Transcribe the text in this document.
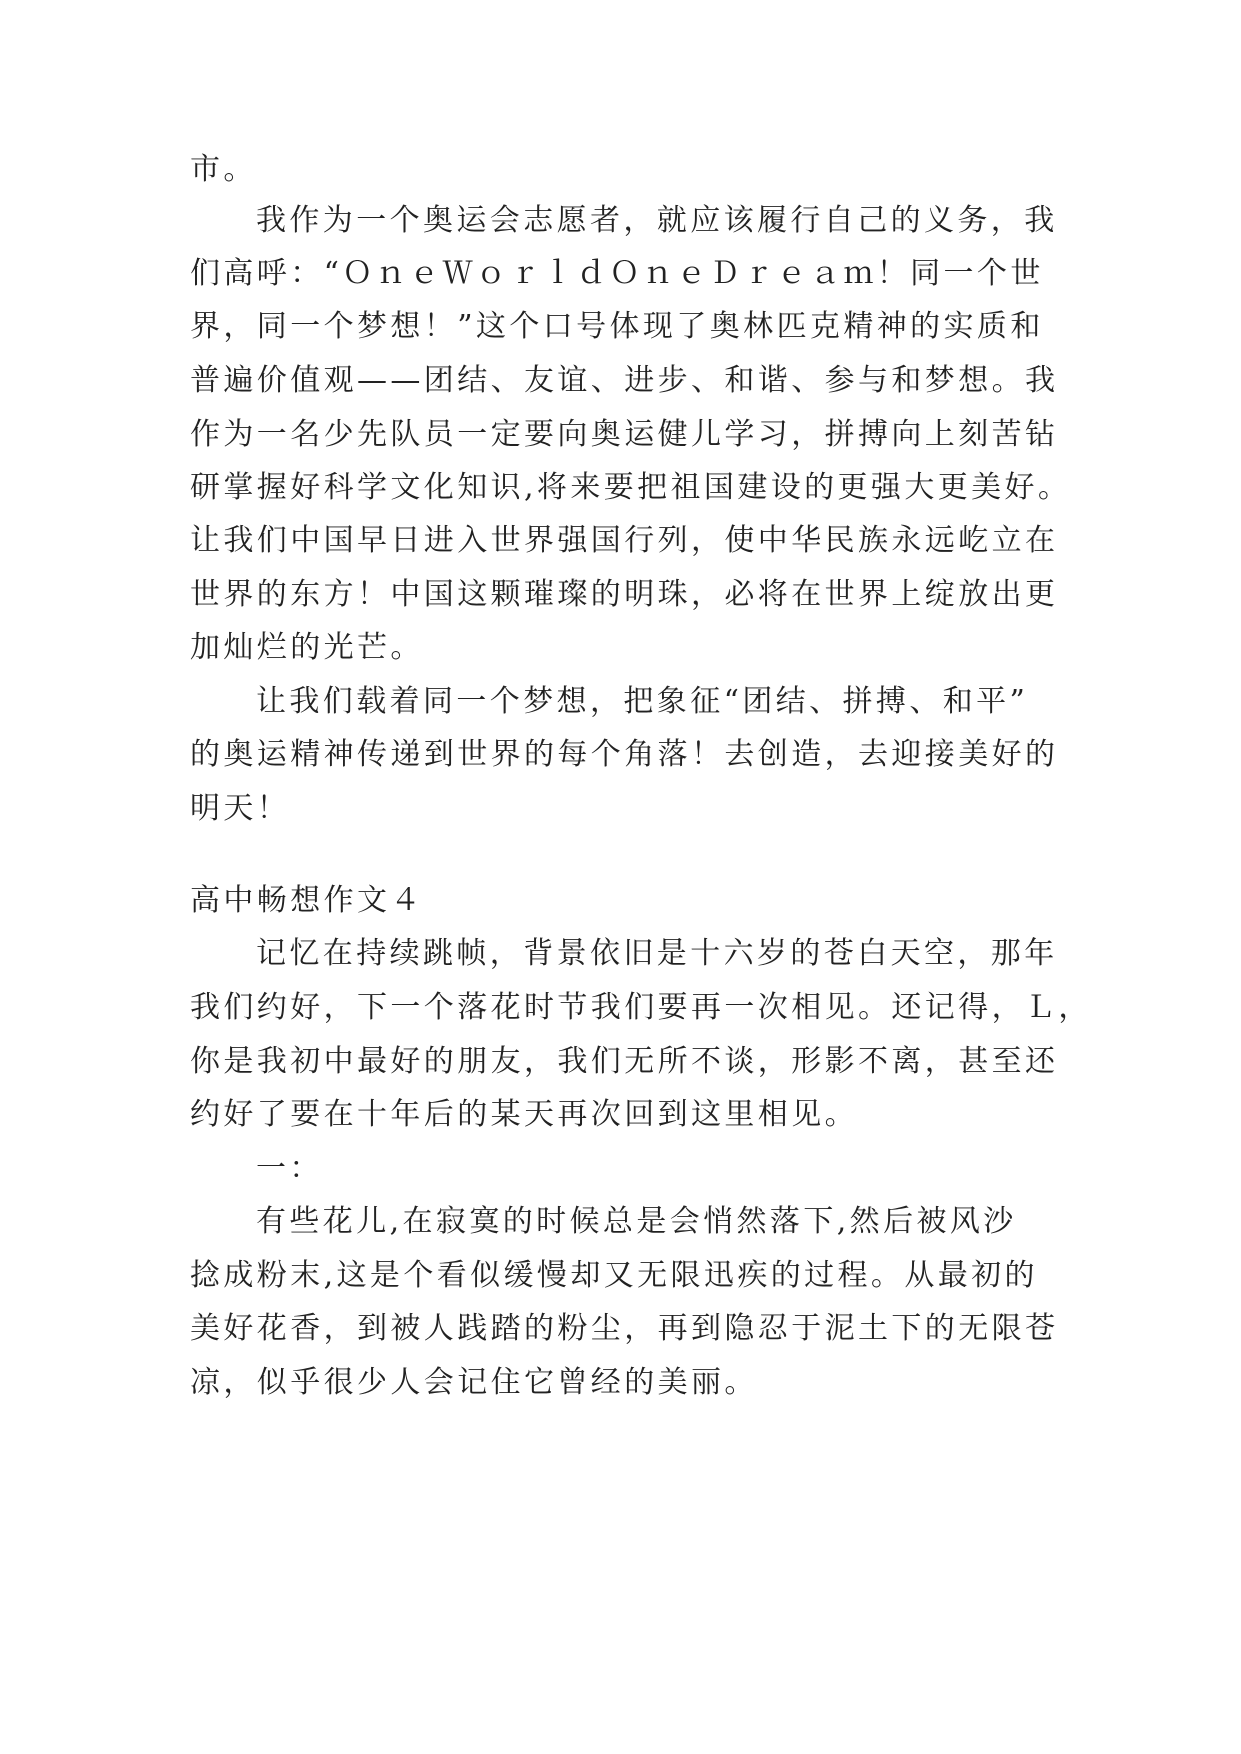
市。
我作为一个奥运会志愿者，就应该履行自己的义务，我
们高呼：“ＯｎｅＷｏｒｌｄＯｎｅＤｒｅａｍ！同一个世
界，同一个梦想！”这个口号体现了奥林匹克精神的实质和
普遍价值观——团结、友谊、进步、和谐、参与和梦想。我
作为一名少先队员一定要向奥运健儿学习，拼搏向上刻苦钻
研掌握好科学文化知识,将来要把祖国建设的更强大更美好。
让我们中国早日进入世界强国行列，使中华民族永远屹立在
世界的东方！中国这颗璀璨的明珠，必将在世界上绽放出更
加灿烂的光芒。
让我们载着同一个梦想，把象征“团结、拼搏、和平”
的奥运精神传递到世界的每个角落！去创造，去迎接美好的
明天！
高中畅想作文４
记忆在持续跳帧，背景依旧是十六岁的苍白天空，那年
我们约好，下一个落花时节我们要再一次相见。还记得，Ｌ，
你是我初中最好的朋友，我们无所不谈，形影不离，甚至还
约好了要在十年后的某天再次回到这里相见。
一：
有些花儿,在寂寞的时候总是会悄然落下,然后被风沙
捻成粉末,这是个看似缓慢却又无限迅疾的过程。从最初的
美好花香，到被人践踏的粉尘，再到隐忍于泥土下的无限苍
凉，似乎很少人会记住它曾经的美丽。
